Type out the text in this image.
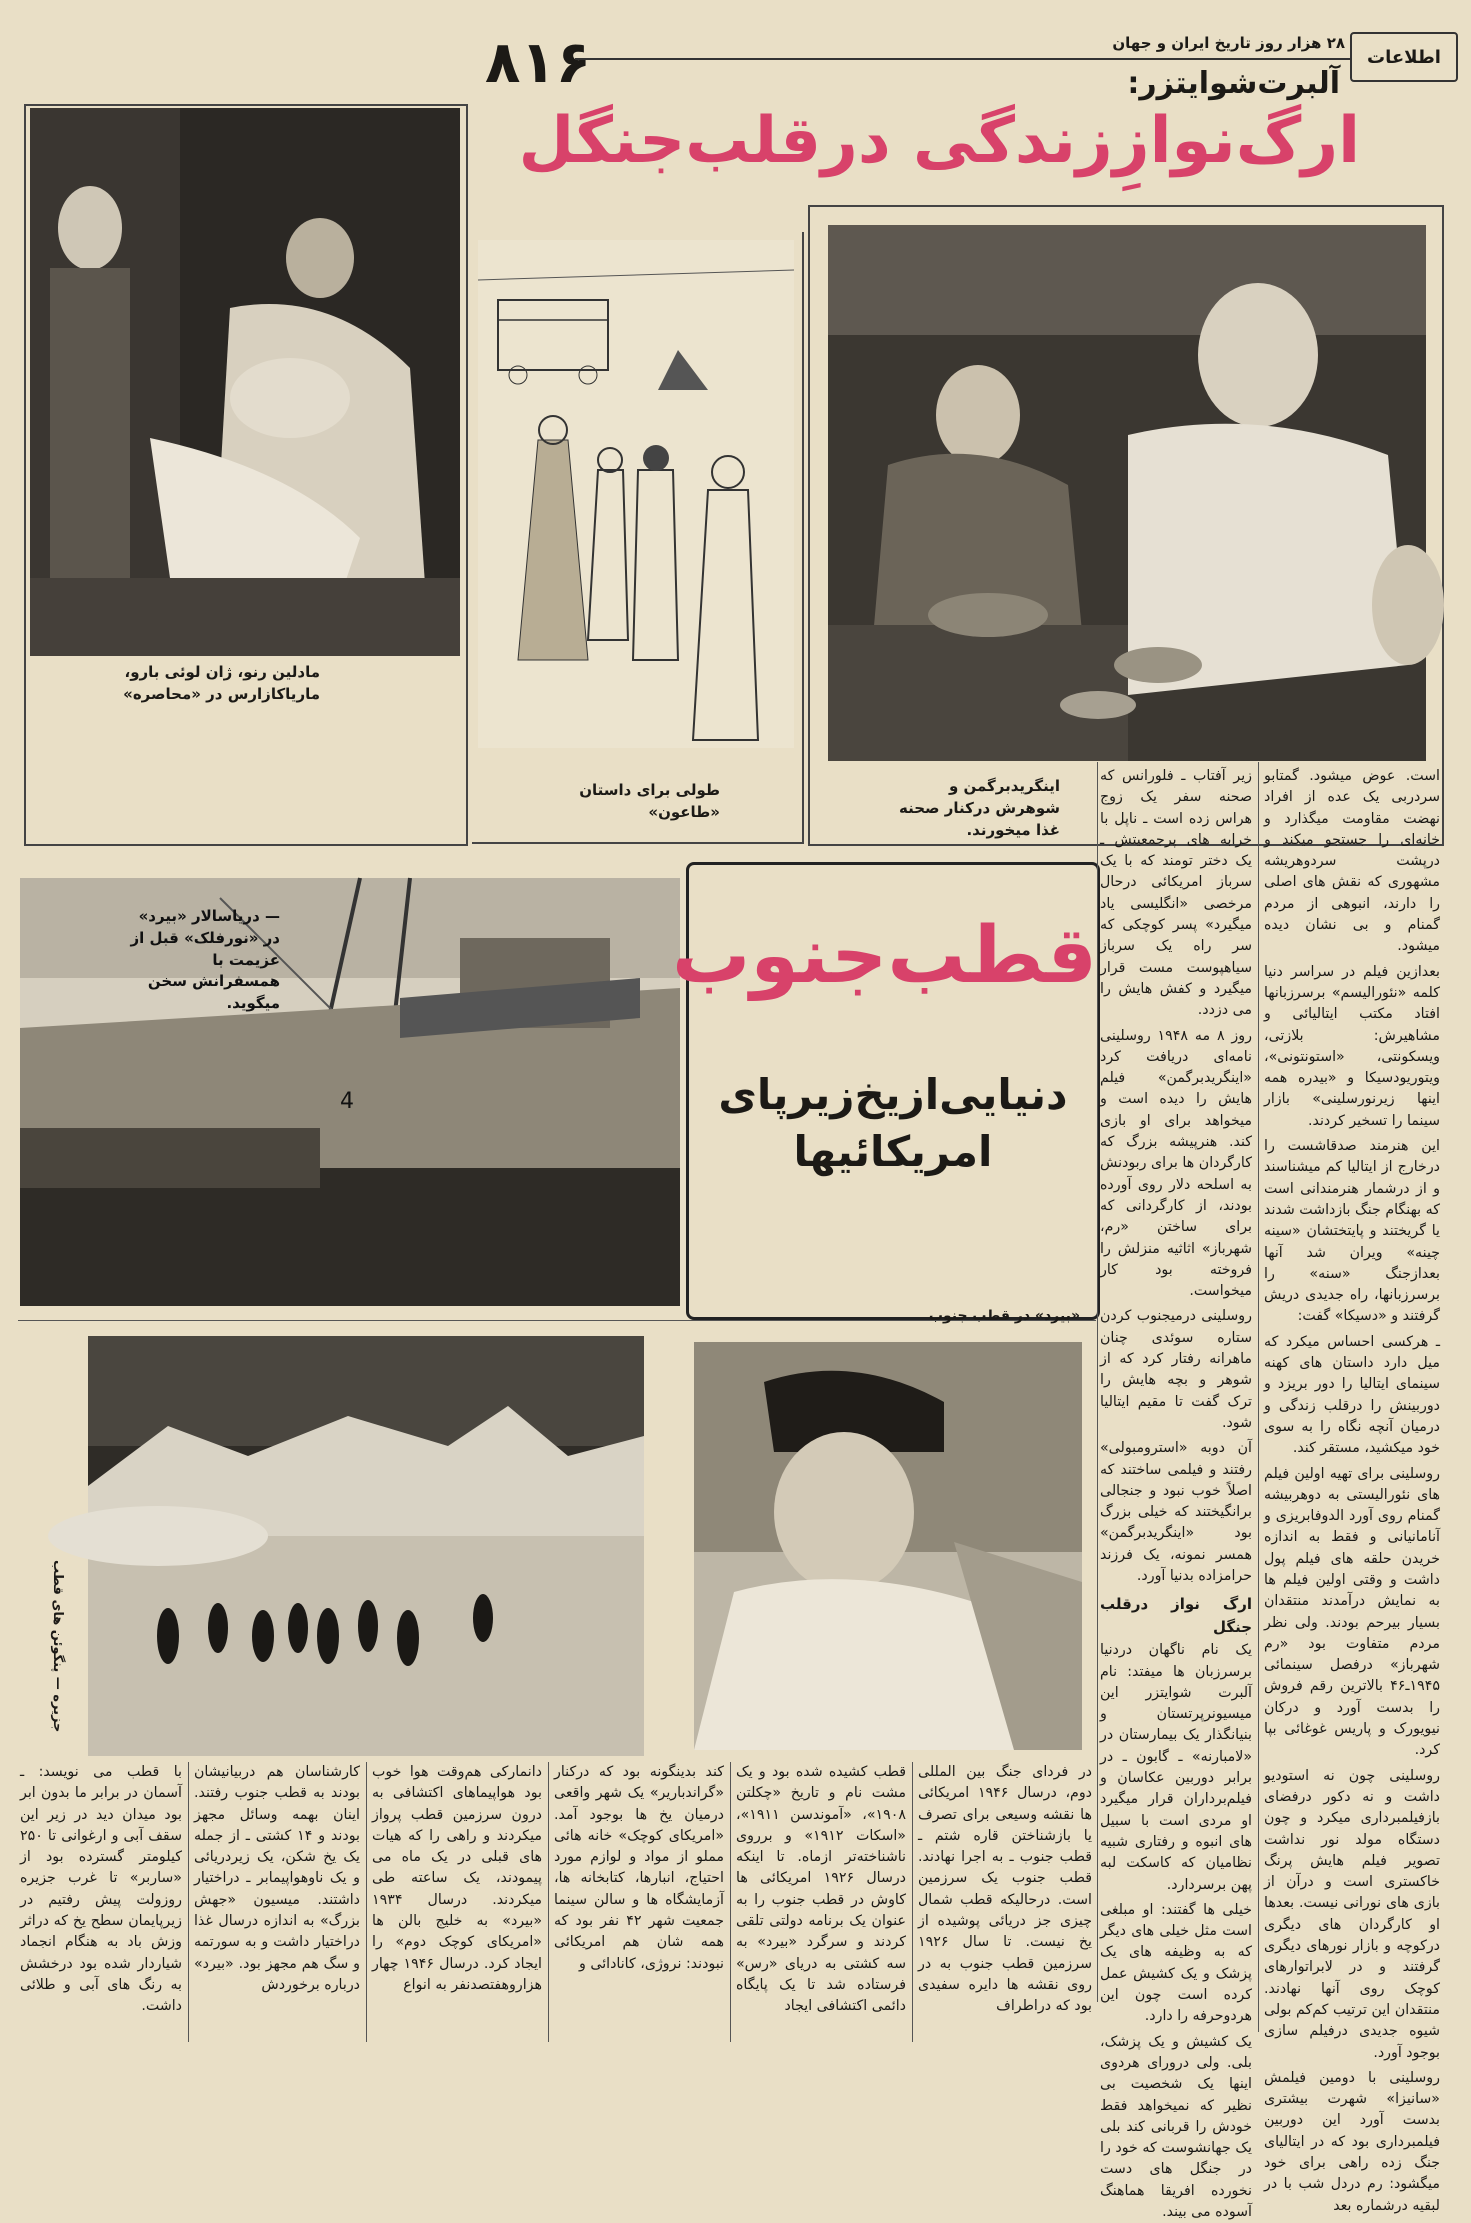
۸۱۶	۲۸ هزار روز تاریخ ایران و جهان
اطلاعات
آلبرت‌شوایتزر:
ارگ‌نوازِزندگی درقلب‌جنگل
مادلین رنو، ژان لوئی بارو، ماریاکازارس در «محاصره»
طولی برای داستان «طاعون»
اینگریدبرگمن و شوهرش درکنار صحنه غذا میخورند.
4
— دریاسالار «بیرد» در «نورفلک» قبل از عزیمت با همسفرانش سخن میگوید.
قطب‌جنوب
دنیایی‌ازیخ‌زیرپای
امریکائیها

است. عوض میشود. گمتابو سردربی یک عده از افراد نهضت مقاومت میگذارد و خانه‌ای را جستجو میکند و درپشت سردوهریشه مشهوری که نقش های اصلی را دارند، انبوهی از مردم گمنام و بی نشان دیده میشود.

بعدازین فیلم در سراسر دنیا کلمه «نئورالیسم» برسرزبانها افتاد مکتب ایتالیائی و مشاهیرش: بلازتی، ویسکونتی، «استونتونی»، ویتوریودسیکا و «بیدره همه اینها زیرنورسلینی» بازار سینما را تسخیر کردند.

این هنرمند صدقاشست را درخارج از ایتالیا کم میشناسند و از درشمار هنرمندانی است که بهنگام جنگ بازداشت شدند یا گریختند و پایتختشان «سینه چینه» ویران شد آنها بعدازجنگ «سنه» را برسرزبانها، راه جدیدی دریش گرفتند و «دسیکا» گفت:

ـ هرکسی احساس میکرد که میل دارد داستان های کهنه سینمای ایتالیا را دور بریزد و دوربینش را درقلب زندگی و درمیان آنچه نگاه را به سوی خود میکشید، مستقر کند.

روسلینی برای تهیه اولین فیلم های نئورالیستی به دوهربیشه گمنام روی آورد الدوفابریزی و آنامانیانی و فقط به اندازه خریدن حلقه های فیلم پول داشت و وقتی اولین فیلم ها به نمایش درآمدند منتقدان بسیار بیرحم بودند. ولی نظر مردم متفاوت بود «رم شهرباز» درفصل سینمائی ۱۹۴۵ـ۴۶ بالاترین رقم فروش را بدست آورد و درکان نیویورک و پاریس غوغائی بپا کرد.

روسلینی چون نه استودیو داشت و نه دکور درفضای بازفیلمبرداری میکرد و چون دستگاه مولد نور نداشت تصویر فیلم هایش پرنگ خاکستری است و درآن از بازی های نورانی نیست. بعدها او کارگردان های دیگری درکوچه و بازار نورهای دیگری گرفتند و در لابراتوارهای کوچک روی آنها نهادند. منتقدان این ترتیب کم‌کم بولی شیوه جدیدی درفیلم سازی بوجود آورد.

روسلینی با دومین فیلمش «سانیزا» شهرت بیشتری بدست آورد این دوربین فیلمبرداری بود که در ایتالیای جنگ زده راهی برای خود میگشود: رم دردل شب با در لبقیه درشماره بعد

زیر آفتاب ـ فلورانس که صحنه سفر یک زوج هراس زده است ـ ناپل با خرابه های پرجمعیتش ـ یک دختر تومند که با یک سرباز امریکائی درحال مرخصی «انگلیسی یاد میگیرد» پسر کوچکی که سر راه یک سرباز سیاهپوست مست قرار میگیرد و کفش هایش را می دزدد.

روز ۸ مه ۱۹۴۸ روسلینی نامه‌ای دریافت کرد «اینگریدبرگمن» فیلم هایش را دیده است و میخواهد برای او بازی کند. هنرپیشه بزرگ که کارگردان ها برای ربودنش به اسلحه دلار روی آورده بودند، از کارگردانی که برای ساختن «رم، شهرباز» اثاثیه منزلش را فروخته بود کار میخواست.

روسلینی درمیجنوب کردن ستاره سوئدی چنان ماهرانه رفتار کرد که از شوهر و بچه هایش را ترک گفت تا مقیم ایتالیا شود.

آن دوبه «استرومبولی» رفتند و فیلمی ساختند که اصلاً خوب نبود و جنجالی برانگیختند که خیلی بزرگ بود «اینگریدبرگمن» همسر نمونه، یک فرزند حرامزاده بدنیا آورد.

ارگ نواز درقلب جنگل

یک نام ناگهان دردنیا برسرزبان ها میفتد: نام آلبرت شوایتزر این میسیونرپرتستان و بنیانگذار یک بیمارستان در «لامبارنه» ـ گابون ـ در برابر دوربین عکاسان و فیلم‌برداران قرار میگیرد او مردی است با سبیل های انبوه و رفتاری شبیه نظامیان که کاسکت لبه پهن برسردارد.

خیلی ها گفتند: او مبلغی است مثل خیلی های دیگر که به وظیفه های یک پزشک و یک کشیش عمل کرده است چون این هردوحرفه را دارد.

یک کشیش و یک پزشک، بلی. ولی درورای هردوی اینها یک شخصیت بی نظیر که نمیخواهد فقط خودش را قربانی کند بلی یک جهانشوست که خود را در جنگل های دست نخورده افریقا هماهنگ آسوده می بیند.

«بیرد» در قطب جنوب
جزیره — پنگوئن های قطب
در فردای جنگ بین المللی دوم، درسال ۱۹۴۶ امریکائی ها نقشه وسیعی برای تصرف یا بازشناختن قاره شتم ـ قطب جنوب ـ به اجرا نهادند. قطب جنوب یک سرزمین است. درحالیکه قطب شمال چیزی جز دریائی پوشیده از یخ نیست. تا سال ۱۹۲۶ سرزمین قطب جنوب به در روی نقشه ها دایره سفیدی بود که دراطراف
قطب کشیده شده بود و یک مشت نام و تاریخ «چکلتن ۱۹۰۸»، «آموندسن ۱۹۱۱»، «اسکات ۱۹۱۲» و برروی ناشناخته‌تر ازماه. تا اینکه درسال ۱۹۲۶ امریکائی ها کاوش در قطب جنوب را به عنوان یک برنامه دولتی تلقی کردند و سرگرد «بیرد» به سه کشتی به دریای «رس» فرستاده شد تا یک پایگاه دائمی اکتشافی ایجاد
کند بدینگونه بود که درکنار «گراندباریر» یک شهر واقعی درمیان یخ ها بوجود آمد. «امریکای کوچک» خانه هائی مملو از مواد و لوازم مورد احتیاج، انبارها، کتابخانه ها، آزمایشگاه ها و سالن سینما جمعیت شهر ۴۲ نفر بود که همه شان هم امریکائی نبودند: نروژی، کانادائی و
دانمارکی هم‌وقت هوا خوب بود هواپیماهای اکتشافی به درون سرزمین قطب پرواز میکردند و راهی را که هیات های قبلی در یک ماه می پیمودند، یک ساعته طی میکردند. درسال ۱۹۳۴ «بیرد» به خلیج بالن ها «امریکای کوچک دوم» را ایجاد کرد. درسال ۱۹۴۶ چهار هزاروهفتصدنفر به انواع
کارشناسان هم دربیانیشان بودند به قطب جنوب رفتند. اینان بهمه وسائل مجهز بودند و ۱۴ کشتی ـ از جمله یک یخ شکن، یک زیردریائی و یک ناوهواپیمابر ـ دراختیار داشتند. میسیون «جهش بزرگ» به اندازه درسال غذا دراختیار داشت و به سورتمه و سگ هم مجهز بود. «بیرد» درباره برخوردش
با قطب می نویسد: ـ آسمان در برابر ما بدون ابر بود میدان دید در زیر این سقف آبی و ارغوانی تا ۲۵۰ کیلومتر گسترده بود از «ساربر» تا غرب جزیره روزولت پیش رفتیم در زیرپایمان سطح یخ که دراثر وزش باد به هنگام انجماد شیاردار شده بود درخشش به رنگ های آبی و طلائی داشت.
